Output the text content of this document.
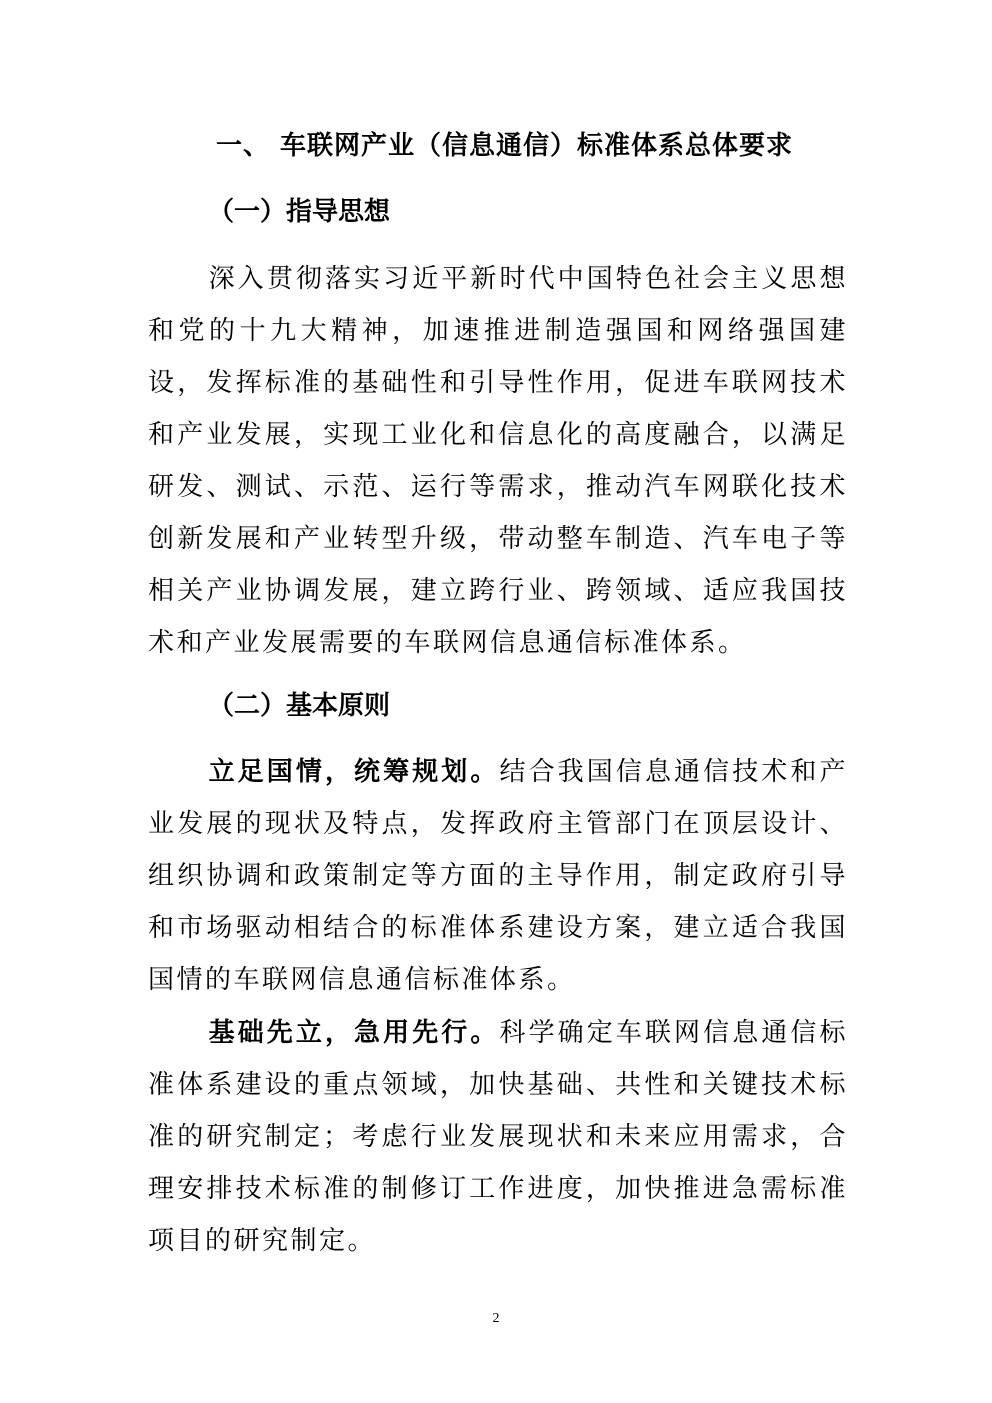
一、 车联网产业（信息通信）标准体系总体要求
（一）指导思想
深入贯彻落实习近平新时代中国特色社会主义思想和党的十九大精神，加速推进制造强国和网络强国建设，发挥标准的基础性和引导性作用，促进车联网技术和产业发展，实现工业化和信息化的高度融合，以满足研发、测试、示范、运行等需求，推动汽车网联化技术创新发展和产业转型升级，带动整车制造、汽车电子等相关产业协调发展，建立跨行业、跨领域、适应我国技术和产业发展需要的车联网信息通信标准体系。
（二）基本原则
立足国情，统筹规划。结合我国信息通信技术和产业发展的现状及特点，发挥政府主管部门在顶层设计、组织协调和政策制定等方面的主导作用，制定政府引导和市场驱动相结合的标准体系建设方案，建立适合我国国情的车联网信息通信标准体系。
基础先立，急用先行。科学确定车联网信息通信标准体系建设的重点领域，加快基础、共性和关键技术标准的研究制定；考虑行业发展现状和未来应用需求，合理安排技术标准的制修订工作进度，加快推进急需标准项目的研究制定。
2
